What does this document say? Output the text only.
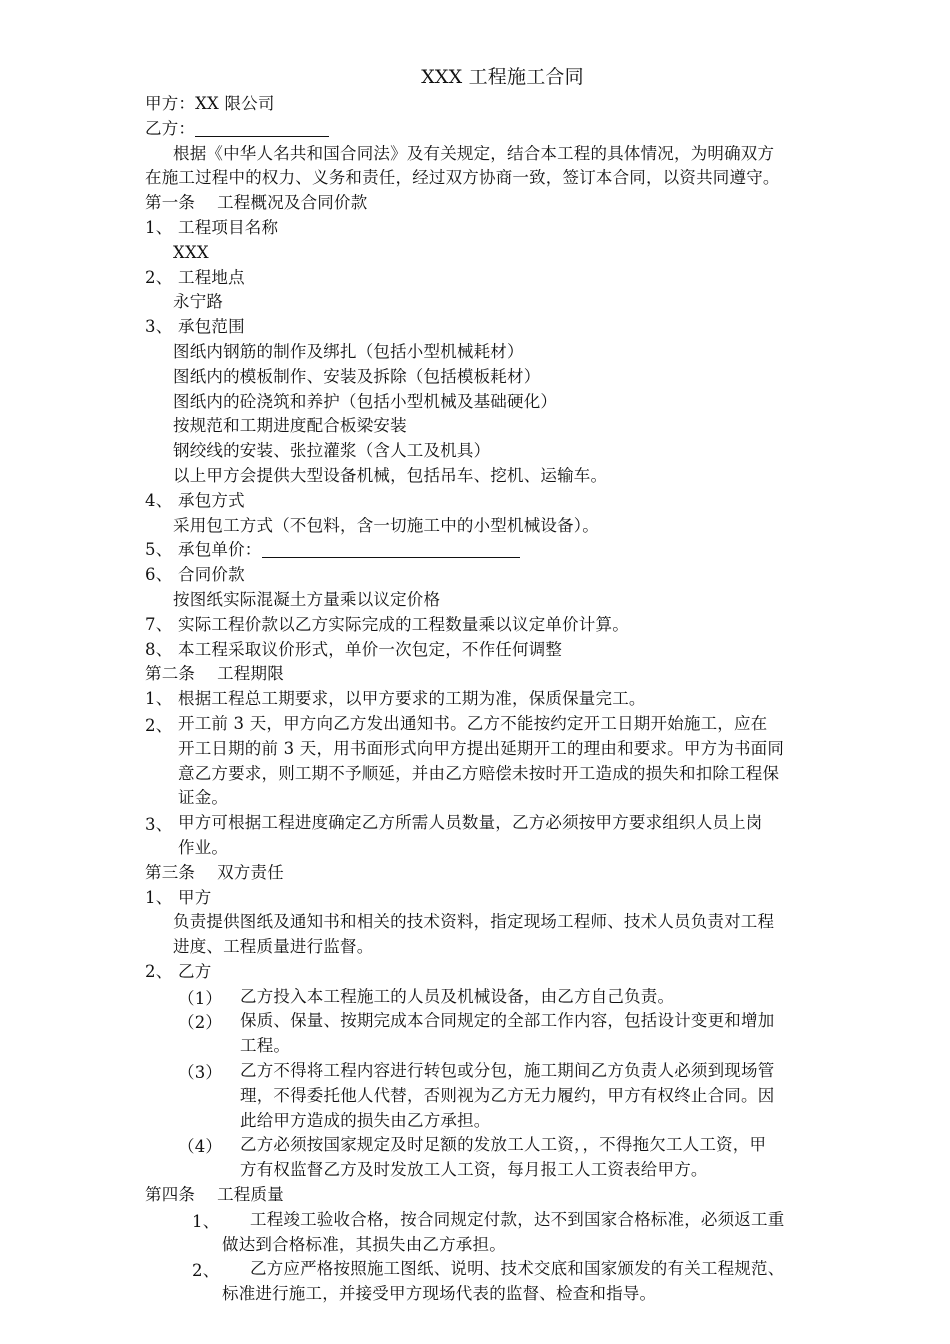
XXX 工程施工合同
甲方：XX 限公司
乙方：
根据《中华人名共和国合同法》及有关规定，结合本工程的具体情况，为明确双方
在施工过程中的权力、义务和责任，经过双方协商一致，签订本合同，以资共同遵守。
第一条 工程概况及合同价款
1、 工程项目名称
XXX
2、 工程地点
永宁路
3、 承包范围
图纸内钢筋的制作及绑扎（包括小型机械耗材）
图纸内的模板制作、安装及拆除（包括模板耗材）
图纸内的砼浇筑和养护（包括小型机械及基础硬化）
按规范和工期进度配合板梁安装
钢绞线的安装、张拉灌浆（含人工及机具）
以上甲方会提供大型设备机械，包括吊车、挖机、运输车。
4、 承包方式
采用包工方式（不包料，含一切施工中的小型机械设备）。
5、 承包单价：
6、 合同价款
按图纸实际混凝土方量乘以议定价格
7、 实际工程价款以乙方实际完成的工程数量乘以议定单价计算。
8、 本工程采取议价形式，单价一次包定，不作任何调整
第二条 工程期限
1、 根据工程总工期要求，以甲方要求的工期为准，保质保量完工。
2、 开工前 3 天，甲方向乙方发出通知书。乙方不能按约定开工日期开始施工，应在
开工日期的前 3 天，用书面形式向甲方提出延期开工的理由和要求。甲方为书面同
意乙方要求，则工期不予顺延，并由乙方赔偿未按时开工造成的损失和扣除工程保
证金。
3、 甲方可根据工程进度确定乙方所需人员数量，乙方必须按甲方要求组织人员上岗
作业。
第三条 双方责任
1、 甲方
负责提供图纸及通知书和相关的技术资料，指定现场工程师、技术人员负责对工程
进度、工程质量进行监督。
2、 乙方
（1） 乙方投入本工程施工的人员及机械设备，由乙方自己负责。
（2） 保质、保量、按期完成本合同规定的全部工作内容，包括设计变更和增加
工程。
（3） 乙方不得将工程内容进行转包或分包，施工期间乙方负责人必须到现场管
理，不得委托他人代替，否则视为乙方无力履约，甲方有权终止合同。因
此给甲方造成的损失由乙方承担。
（4） 乙方必须按国家规定及时足额的发放工人工资，，不得拖欠工人工资，甲
方有权监督乙方及时发放工人工资，每月报工人工资表给甲方。
第四条 工程质量
1、	工程竣工验收合格，按合同规定付款，达不到国家合格标准，必须返工重
做达到合格标准，其损失由乙方承担。
2、	乙方应严格按照施工图纸、说明、技术交底和国家颁发的有关工程规范、
标准进行施工，并接受甲方现场代表的监督、检查和指导。
